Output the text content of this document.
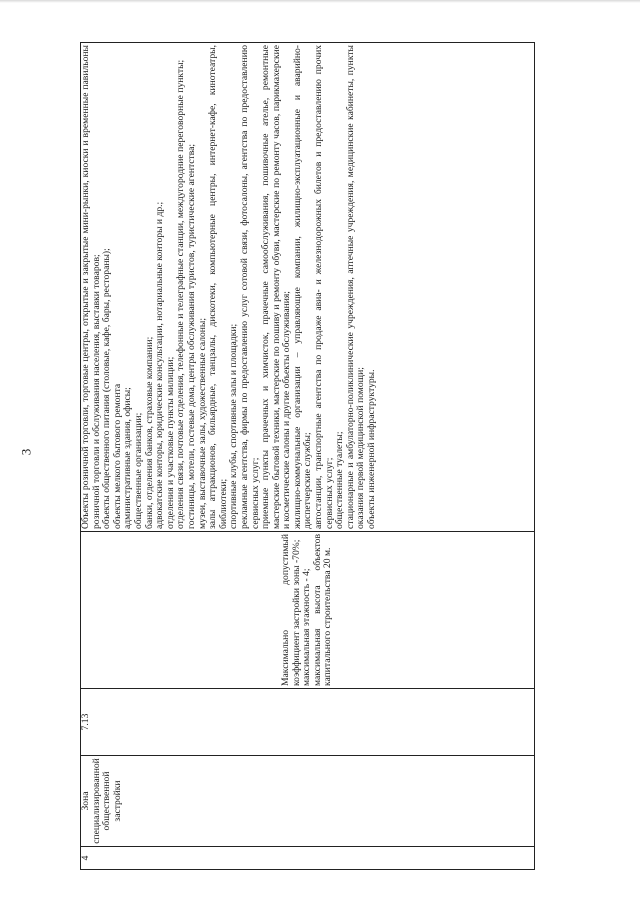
3
4

Зона специализированной общественной застройки

7.13

Максимально допустимый коэффициент застройки зоны -70%; максимальная этажность - 4; максимальная высота объектов капитального строительства 20 м.

Объекты розничной торговли, торговые центры, открытые и закрытые мини-рынки, киоски и временные павильоны розничной торговли и обслуживания населения, выставки товаров; объекты общественного питания (столовые, кафе, бары, рестораны); объекты мелкого бытового ремонта административные здания, офисы; общественные организации; банки, отделения банков, страховые компании; адвокатские конторы, юридические консультации, нотариальные конторы и др.; отделения и участковые пункты милиции; отделения связи, почтовые отделения, телефонные и телеграфные станции, междугородние переговорные пункты; гостиницы, мотели, гостевые дома, центры обслуживания туристов, туристические агентства; музеи, выставочные залы, художественные салоны; залы аттракционов, бильярдные, танцзалы, дискотеки, компьютерные центры, интернет-кафе, кинотеатры, библиотеки; спортивные клубы, спортивные залы и площадки; рекламные агентства, фирмы по предоставлению услуг сотовой связи, фотосалоны, агентства по предоставлению сервисных услуг; приемные пункты прачечных и химчисток, прачечные самообслуживания, пошивочные ателье, ремонтные мастерские бытовой техники, мастерские по пошиву и ремонту обуви, мастерские по ремонту часов, парикмахерские и косметические салоны и другие объекты обслуживания; жилищно-коммунальные организации – управляющие компании, жилищно-эксплуатационные и аварийно-диспетчерские службы; автостанции, транспортные агентства по продаже авиа- и железнодорожных билетов и предоставлению прочих сервисных услуг; общественные туалеты; стационарные и амбулаторно-поликлинические учреждения, аптечные учреждения, медицинские кабинеты, пункты оказания первой медицинской помощи; объекты инженерной инфраструктуры.
